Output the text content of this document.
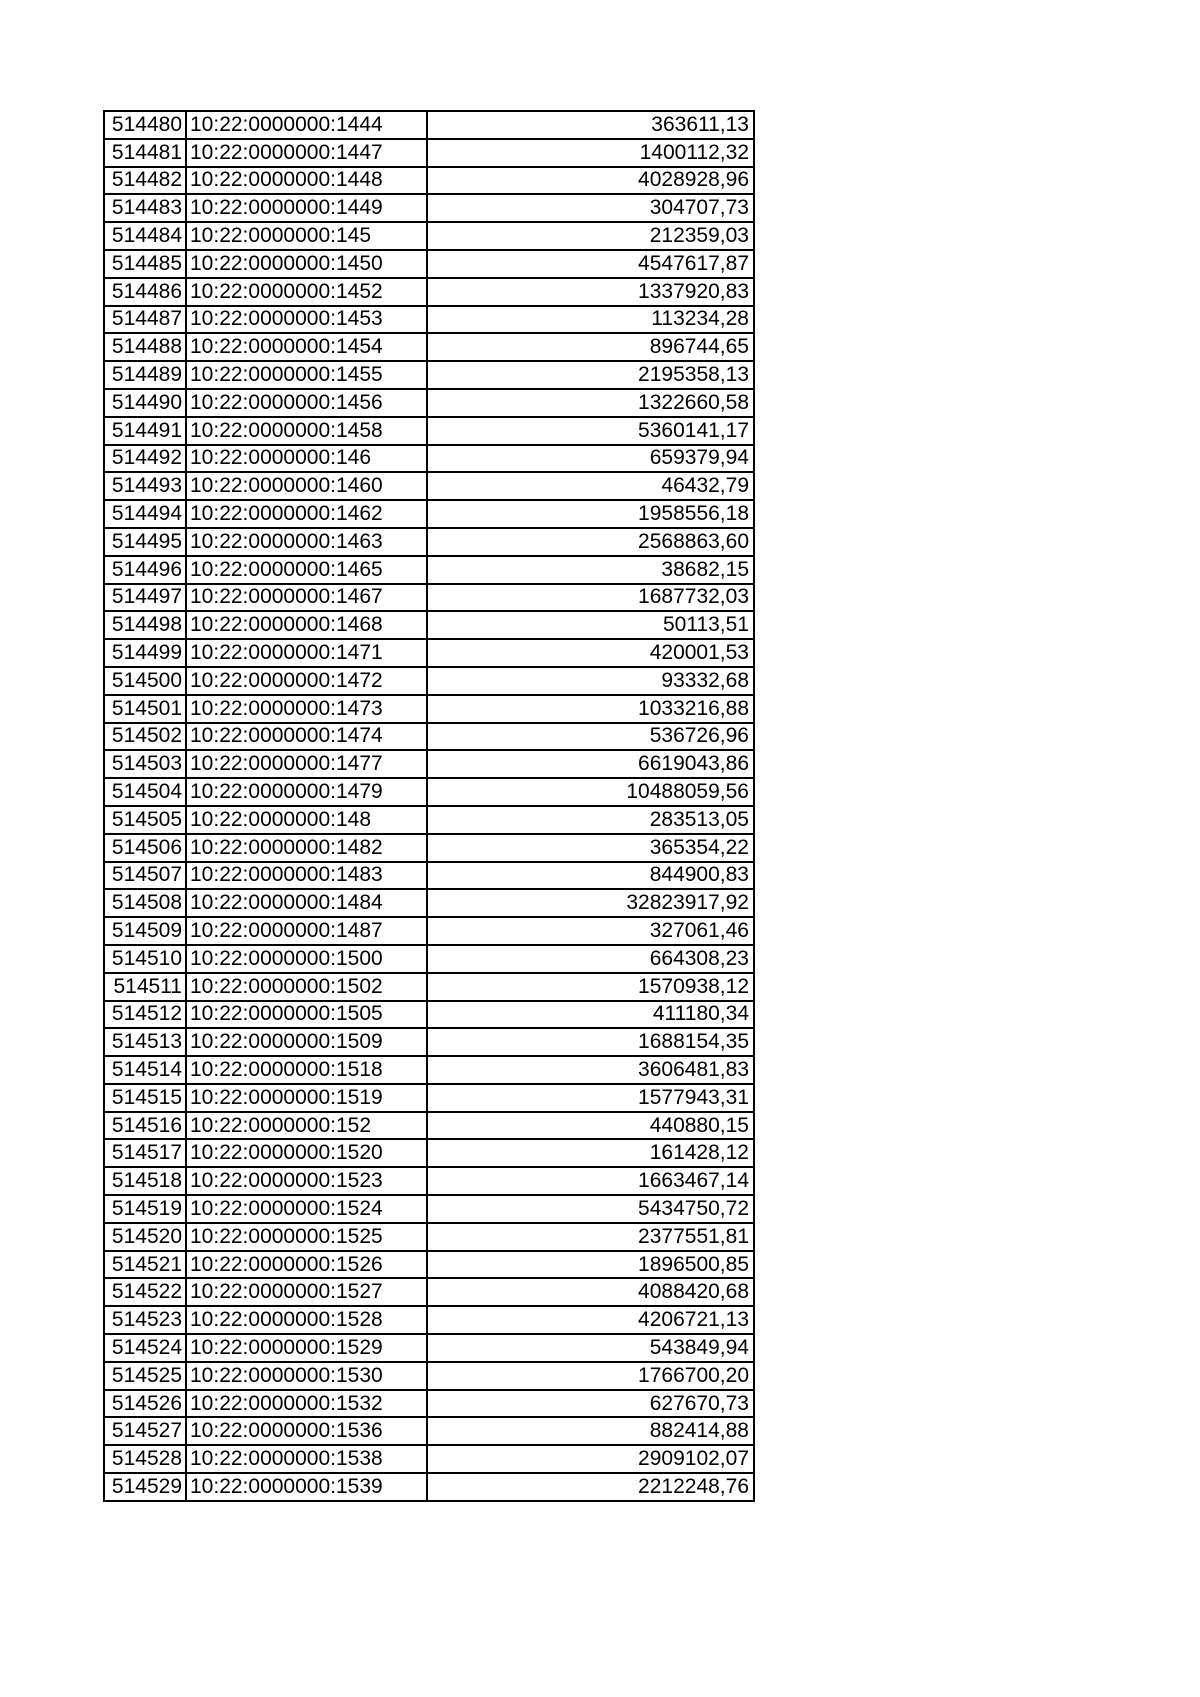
514480	10:22:0000000:1444	363611,13
514481	10:22:0000000:1447	1400112,32
514482	10:22:0000000:1448	4028928,96
514483	10:22:0000000:1449	304707,73
514484	10:22:0000000:145	212359,03
514485	10:22:0000000:1450	4547617,87
514486	10:22:0000000:1452	1337920,83
514487	10:22:0000000:1453	113234,28
514488	10:22:0000000:1454	896744,65
514489	10:22:0000000:1455	2195358,13
514490	10:22:0000000:1456	1322660,58
514491	10:22:0000000:1458	5360141,17
514492	10:22:0000000:146	659379,94
514493	10:22:0000000:1460	46432,79
514494	10:22:0000000:1462	1958556,18
514495	10:22:0000000:1463	2568863,60
514496	10:22:0000000:1465	38682,15
514497	10:22:0000000:1467	1687732,03
514498	10:22:0000000:1468	50113,51
514499	10:22:0000000:1471	420001,53
514500	10:22:0000000:1472	93332,68
514501	10:22:0000000:1473	1033216,88
514502	10:22:0000000:1474	536726,96
514503	10:22:0000000:1477	6619043,86
514504	10:22:0000000:1479	10488059,56
514505	10:22:0000000:148	283513,05
514506	10:22:0000000:1482	365354,22
514507	10:22:0000000:1483	844900,83
514508	10:22:0000000:1484	32823917,92
514509	10:22:0000000:1487	327061,46
514510	10:22:0000000:1500	664308,23
514511	10:22:0000000:1502	1570938,12
514512	10:22:0000000:1505	411180,34
514513	10:22:0000000:1509	1688154,35
514514	10:22:0000000:1518	3606481,83
514515	10:22:0000000:1519	1577943,31
514516	10:22:0000000:152	440880,15
514517	10:22:0000000:1520	161428,12
514518	10:22:0000000:1523	1663467,14
514519	10:22:0000000:1524	5434750,72
514520	10:22:0000000:1525	2377551,81
514521	10:22:0000000:1526	1896500,85
514522	10:22:0000000:1527	4088420,68
514523	10:22:0000000:1528	4206721,13
514524	10:22:0000000:1529	543849,94
514525	10:22:0000000:1530	1766700,20
514526	10:22:0000000:1532	627670,73
514527	10:22:0000000:1536	882414,88
514528	10:22:0000000:1538	2909102,07
514529	10:22:0000000:1539	2212248,76
